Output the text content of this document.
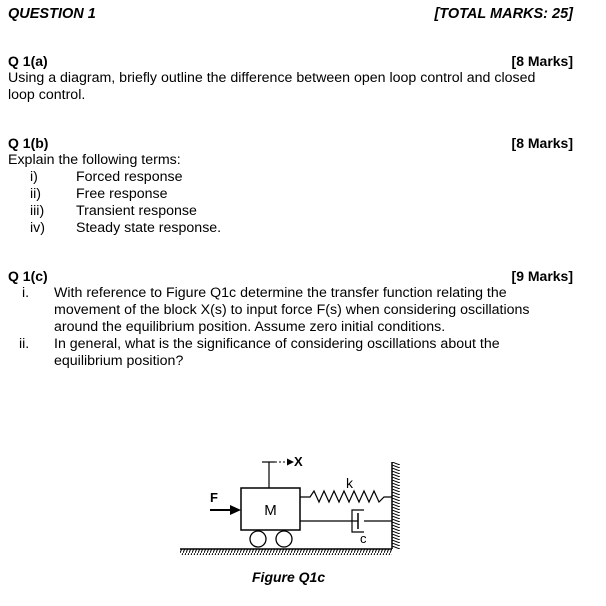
QUESTION 1	[TOTAL MARKS: 25]
Q 1(a)	[8 Marks]
Using a diagram, briefly outline the difference between open loop control and closed
loop control.
Q 1(b)	[8 Marks]
Explain the following terms:
i)	Forced response
ii) Free response
iii) Transient response
iv) Steady state response.
Q 1(c)	[9 Marks]
i. With reference to Figure Q1c determine the transfer function relating the
movement of the block X(s) to input force F(s) when considering oscillations
around the equilibrium position. Assume zero initial conditions.
ii. In general, what is the significance of considering oscillations about the
equilibrium position?
X
F
M
k
c
Figure Q1c
